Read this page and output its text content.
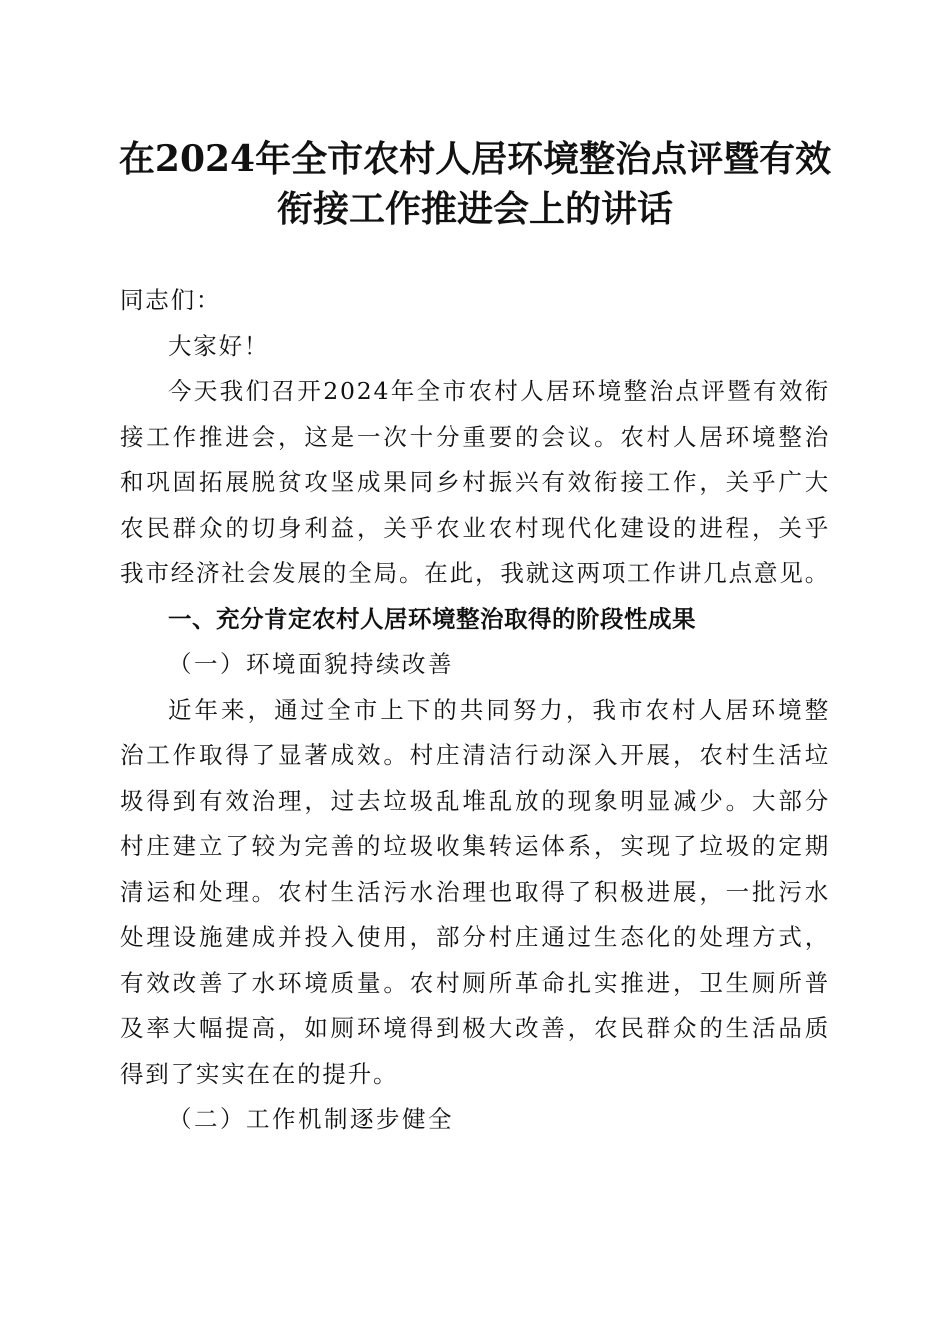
在2024年全市农村人居环境整治点评暨有效
衔接工作推进会上的讲话
同志们：
大家好！
今天我们召开2024年全市农村人居环境整治点评暨有效衔
接工作推进会，这是一次十分重要的会议。农村人居环境整治
和巩固拓展脱贫攻坚成果同乡村振兴有效衔接工作，关乎广大
农民群众的切身利益，关乎农业农村现代化建设的进程，关乎
我市经济社会发展的全局。在此，我就这两项工作讲几点意见。
一、充分肯定农村人居环境整治取得的阶段性成果
（一）环境面貌持续改善
近年来，通过全市上下的共同努力，我市农村人居环境整
治工作取得了显著成效。村庄清洁行动深入开展，农村生活垃
圾得到有效治理，过去垃圾乱堆乱放的现象明显减少。大部分
村庄建立了较为完善的垃圾收集转运体系，实现了垃圾的定期
清运和处理。农村生活污水治理也取得了积极进展，一批污水
处理设施建成并投入使用，部分村庄通过生态化的处理方式，
有效改善了水环境质量。农村厕所革命扎实推进，卫生厕所普
及率大幅提高，如厕环境得到极大改善，农民群众的生活品质
得到了实实在在的提升。
（二）工作机制逐步健全
